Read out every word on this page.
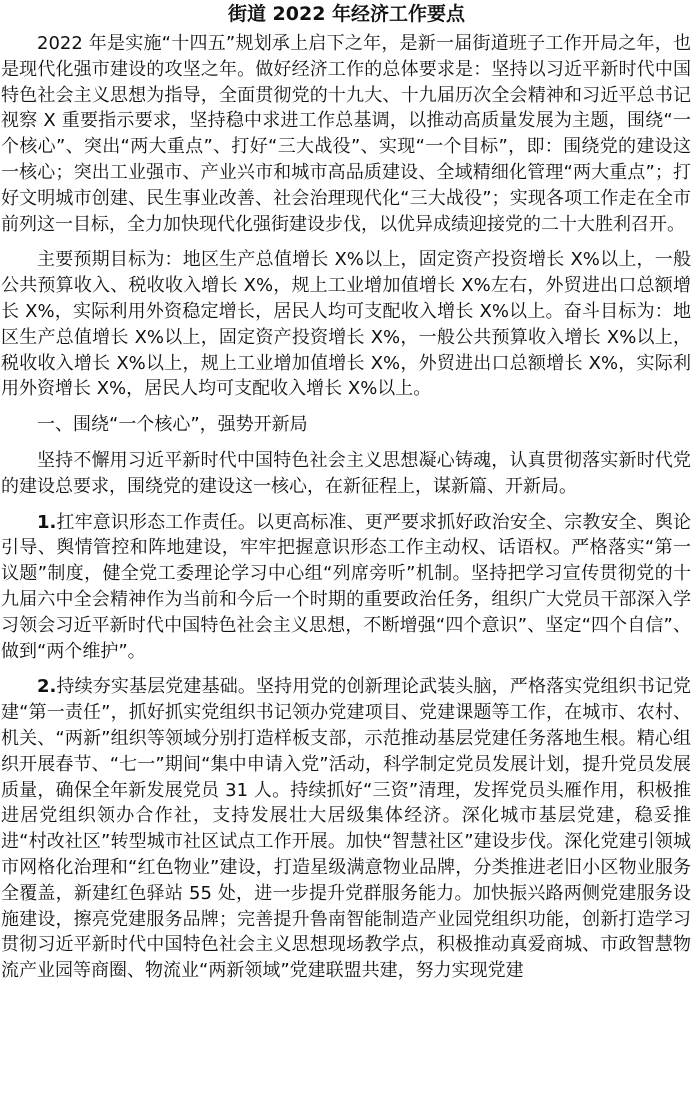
街道 2022 年经济工作要点

2022 年是实施“十四五”规划承上启下之年，是新一届街道班子工作开局之年，也是现代化强市建设的攻坚之年。做好经济工作的总体要求是：坚持以习近平新时代中国特色社会主义思想为指导，全面贯彻党的十九大、十九届历次全会精神和习近平总书记视察 X 重要指示要求，坚持稳中求进工作总基调，以推动高质量发展为主题，围绕“一个核心”、突出“两大重点”、打好“三大战役”、实现“一个目标”，即：围绕党的建设这一核心；突出工业强市、产业兴市和城市高品质建设、全域精细化管理“两大重点”；打好文明城市创建、民生事业改善、社会治理现代化“三大战役”；实现各项工作走在全市前列这一目标，全力加快现代化强街建设步伐，以优异成绩迎接党的二十大胜利召开。

主要预期目标为：地区生产总值增长 X%以上，固定资产投资增长 X%以上，一般公共预算收入、税收收入增长 X%，规上工业增加值增长 X%左右，外贸进出口总额增长 X%，实际利用外资稳定增长，居民人均可支配收入增长 X%以上。奋斗目标为：地区生产总值增长 X%以上，固定资产投资增长 X%，一般公共预算收入增长 X%以上，税收收入增长 X%以上，规上工业增加值增长 X%，外贸进出口总额增长 X%，实际利用外资增长 X%，居民人均可支配收入增长 X%以上。

一、围绕“一个核心”，强势开新局

坚持不懈用习近平新时代中国特色社会主义思想凝心铸魂，认真贯彻落实新时代党的建设总要求，围绕党的建设这一核心，在新征程上，谋新篇、开新局。

1.扛牢意识形态工作责任。以更高标准、更严要求抓好政治安全、宗教安全、舆论引导、舆情管控和阵地建设，牢牢把握意识形态工作主动权、话语权。严格落实“第一议题”制度，健全党工委理论学习中心组“列席旁听”机制。坚持把学习宣传贯彻党的十九届六中全会精神作为当前和今后一个时期的重要政治任务，组织广大党员干部深入学习领会习近平新时代中国特色社会主义思想，不断增强“四个意识”、坚定“四个自信”、做到“两个维护”。

2.持续夯实基层党建基础。坚持用党的创新理论武装头脑，严格落实党组织书记党建“第一责任”，抓好抓实党组织书记领办党建项目、党建课题等工作，在城市、农村、机关、“两新”组织等领域分别打造样板支部，示范推动基层党建任务落地生根。精心组织开展春节、“七一”期间“集中申请入党”活动，科学制定党员发展计划，提升党员发展质量，确保全年新发展党员 31 人。持续抓好“三资”清理，发挥党员头雁作用，积极推进居党组织领办合作社，支持发展壮大居级集体经济。深化城市基层党建，稳妥推进“村改社区”转型城市社区试点工作开展。加快“智慧社区”建设步伐。深化党建引领城市网格化治理和“红色物业”建设，打造星级满意物业品牌，分类推进老旧小区物业服务全覆盖，新建红色驿站 55 处，进一步提升党群服务能力。加快振兴路两侧党建服务设施建设，擦亮党建服务品牌；完善提升鲁南智能制造产业园党组织功能，创新打造学习贯彻习近平新时代中国特色社会主义思想现场教学点，积极推动真爱商城、市政智慧物流产业园等商圈、物流业“两新领域”党建联盟共建，努力实现党建
